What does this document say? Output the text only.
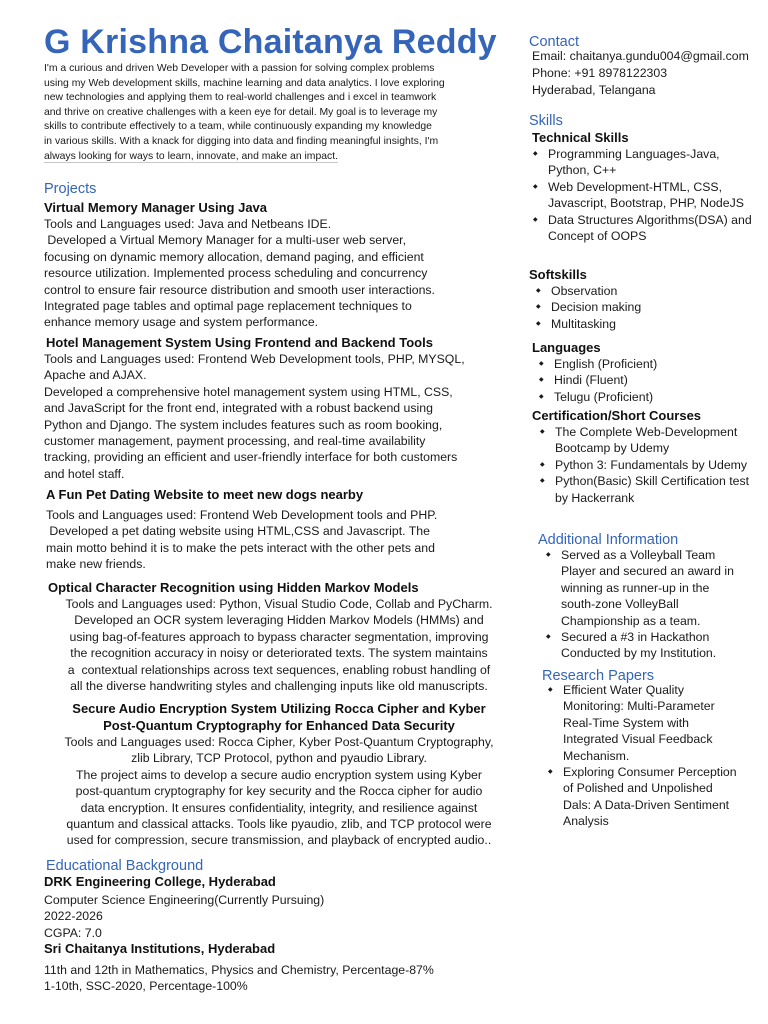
G Krishna Chaitanya Reddy
I'm a curious and driven Web Developer with a passion for solving complex problems
using my Web development skills, machine learning and data analytics. I love exploring
new technologies and applying them to real-world challenges and i excel in teamwork
and thrive on creative challenges with a keen eye for detail. My goal is to leverage my
skills to contribute effectively to a team, while continuously expanding my knowledge
in various skills. With a knack for digging into data and finding meaningful insights, I'm
always looking for ways to learn, innovate, and make an impact.
Projects
Virtual Memory Manager Using Java
Tools and Languages used: Java and Netbeans IDE.
Developed a Virtual Memory Manager for a multi-user web server,
focusing on dynamic memory allocation, demand paging, and efficient
resource utilization. Implemented process scheduling and concurrency
control to ensure fair resource distribution and smooth user interactions.
Integrated page tables and optimal page replacement techniques to
enhance memory usage and system performance.
Hotel Management System Using Frontend and Backend Tools
Tools and Languages used: Frontend Web Development tools, PHP, MYSQL,
Apache and AJAX.
Developed a comprehensive hotel management system using HTML, CSS,
and JavaScript for the front end, integrated with a robust backend using
Python and Django. The system includes features such as room booking,
customer management, payment processing, and real-time availability
tracking, providing an efficient and user-friendly interface for both customers
and hotel staff.
A Fun Pet Dating Website to meet new dogs nearby
Tools and Languages used: Frontend Web Development tools and PHP.
Developed a pet dating website using HTML,CSS and Javascript. The
main motto behind it is to make the pets interact with the other pets and
make new friends.
Optical Character Recognition using Hidden Markov Models
Tools and Languages used: Python, Visual Studio Code, Collab and PyCharm.
Developed an OCR system leveraging Hidden Markov Models (HMMs) and
using bag-of-features approach to bypass character segmentation, improving
the recognition accuracy in noisy or deteriorated texts. The system maintains
a  contextual relationships across text sequences, enabling robust handling of
all the diverse handwriting styles and challenging inputs like old manuscripts.
Secure Audio Encryption System Utilizing Rocca Cipher and Kyber
Post-Quantum Cryptography for Enhanced Data Security
Tools and Languages used: Rocca Cipher, Kyber Post-Quantum Cryptography,
zlib Library, TCP Protocol, python and pyaudio Library.
The project aims to develop a secure audio encryption system using Kyber
post-quantum cryptography for key security and the Rocca cipher for audio
data encryption. It ensures confidentiality, integrity, and resilience against
quantum and classical attacks. Tools like pyaudio, zlib, and TCP protocol were
used for compression, secure transmission, and playback of encrypted audio..
Educational Background
DRK Engineering College, Hyderabad
Computer Science Engineering(Currently Pursuing)
2022-2026
CGPA: 7.0
Sri Chaitanya Institutions, Hyderabad
11th and 12th in Mathematics, Physics and Chemistry, Percentage-87%
1-10th, SSC-2020, Percentage-100%
Contact

Email: chaitanya.gundu004@gmail.com

Phone: +91 8978122303

Hyderabad, Telangana

Skills
Technical Skills
◆ Programming Languages-Java, Python, C++
◆ Web Development-HTML, CSS, Javascript, Bootstrap, PHP, NodeJS
◆ Data Structures Algorithms(DSA) and Concept of OOPS
Softskills
◆ Observation
◆ Decision making
◆ Multitasking
Languages
◆ English (Proficient)
◆ Hindi (Fluent)
◆ Telugu (Proficient)
Certification/Short Courses
◆ The Complete Web-Development Bootcamp by Udemy
◆ Python 3: Fundamentals by Udemy
◆ Python(Basic) Skill Certification test by Hackerrank
Additional Information
◆ Served as a Volleyball Team Player and secured an award in winning as runner-up in the south-zone VolleyBall Championship as a team.
◆ Secured a #3 in Hackathon Conducted by my Institution.
Research Papers
◆ Efficient Water Quality Monitoring: Multi-Parameter Real-Time System with Integrated Visual Feedback Mechanism.
◆ Exploring Consumer Perception of Polished and Unpolished Dals: A Data-Driven Sentiment Analysis
